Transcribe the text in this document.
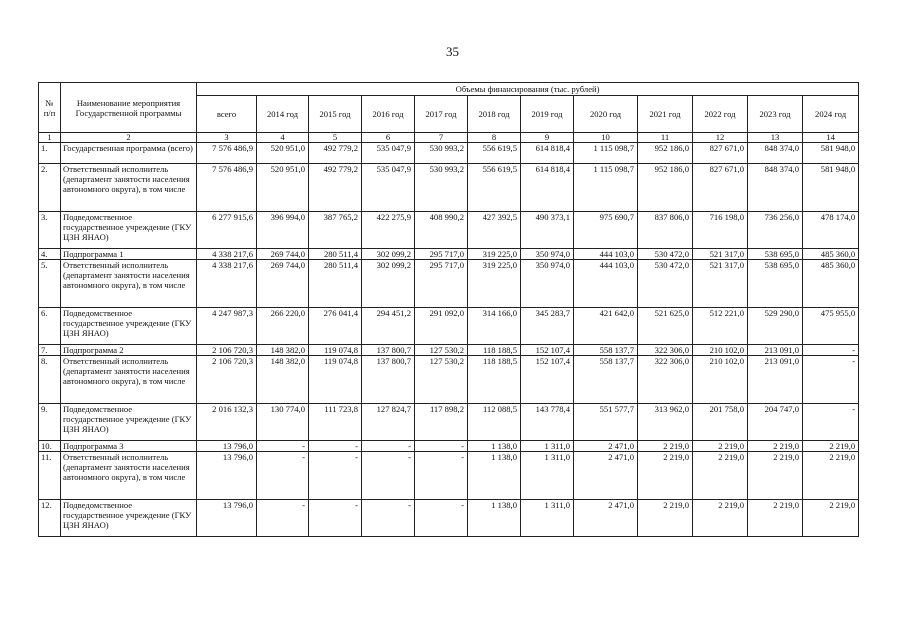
35
№ п/п	Наименование мероприятия Государственной программы	Объемы финансирования (тыс. рублей)											
		всего	2014 год	2015 год	2016 год	2017 год	2018 год	2019 год	2020 год	2021 год	2022 год	2023 год	2024 год
1	2	3	4	5	6	7	8	9	10	11	12	13	14
1.	Государственная программа (всего)	7 576 486,9	520 951,0	492 779,2	535 047,9	530 993,2	556 619,5	614 818,4	1 115 098,7	952 186,0	827 671,0	848 374,0	581 948,0
2.	Ответственный исполнитель (департамент занятости населения автономного округа), в том числе	7 576 486,9	520 951,0	492 779,2	535 047,9	530 993,2	556 619,5	614 818,4	1 115 098,7	952 186,0	827 671,0	848 374,0	581 948,0
3.	Подведомственное государственное учреждение (ГКУ ЦЗН ЯНАО)	6 277 915,6	396 994,0	387 765,2	422 275,9	408 990,2	427 392,5	490 373,1	975 690,7	837 806,0	716 198,0	736 256,0	478 174,0
4.	Подпрограмма 1	4 338 217,6	269 744,0	280 511,4	302 099,2	295 717,0	319 225,0	350 974,0	444 103,0	530 472,0	521 317,0	538 695,0	485 360,0
5.	Ответственный исполнитель (департамент занятости населения автономного округа), в том числе	4 338 217,6	269 744,0	280 511,4	302 099,2	295 717,0	319 225,0	350 974,0	444 103,0	530 472,0	521 317,0	538 695,0	485 360,0
6.	Подведомственное государственное учреждение (ГКУ ЦЗН ЯНАО)	4 247 987,3	266 220,0	276 041,4	294 451,2	291 092,0	314 166,0	345 283,7	421 642,0	521 625,0	512 221,0	529 290,0	475 955,0
7.	Подпрограмма 2	2 106 720,3	148 382,0	119 074,8	137 800,7	127 530,2	118 188,5	152 107,4	558 137,7	322 306,0	210 102,0	213 091,0	-
8.	Ответственный исполнитель (департамент занятости населения автономного округа), в том числе	2 106 720,3	148 382,0	119 074,8	137 800,7	127 530,2	118 188,5	152 107,4	558 137,7	322 306,0	210 102,0	213 091,0	-
9.	Подведомственное государственное учреждение (ГКУ ЦЗН ЯНАО)	2 016 132,3	130 774,0	111 723,8	127 824,7	117 898,2	112 088,5	143 778,4	551 577,7	313 962,0	201 758,0	204 747,0	-
10.	Подпрограмма 3	13 796,0	-	-	-	-	1 138,0	1 311,0	2 471,0	2 219,0	2 219,0	2 219,0	2 219,0
11.	Ответственный исполнитель (департамент занятости населения автономного округа), в том числе	13 796,0	-	-	-	-	1 138,0	1 311,0	2 471,0	2 219,0	2 219,0	2 219,0	2 219,0
12.	Подведомственное государственное учреждение (ГКУ ЦЗН ЯНАО)	13 796,0	-	-	-	-	1 138,0	1 311,0	2 471,0	2 219,0	2 219,0	2 219,0	2 219,0
